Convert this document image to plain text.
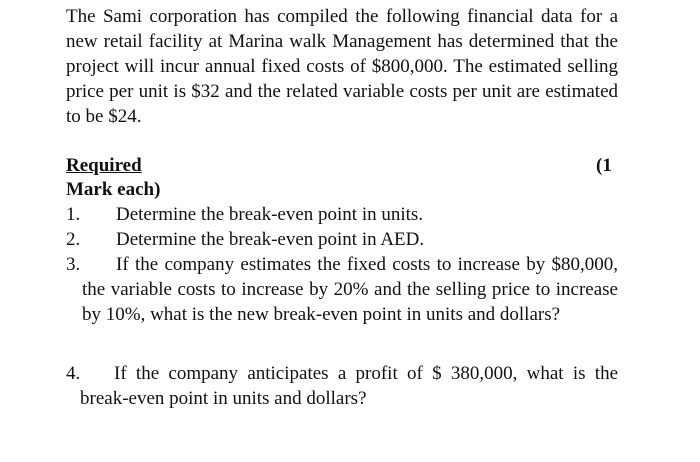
The Sami corporation has compiled the following financial data for a new retail facility at Marina walk Management has determined that the project will incur annual fixed costs of $800,000. The estimated selling price per unit is $32 and the related variable costs per unit are estimated to be $24.

Required	(1
Mark each)
1.	Determine the break-even point in units.
2.	Determine the break-even point in AED.
3.	If the company estimates the fixed costs to increase by $80,000, the variable costs to increase by 20% and the selling price to increase by 10%, what is the new break-even point in units and dollars?
4.	If the company anticipates a profit of $ 380,000, what is the break-even point in units and dollars?
